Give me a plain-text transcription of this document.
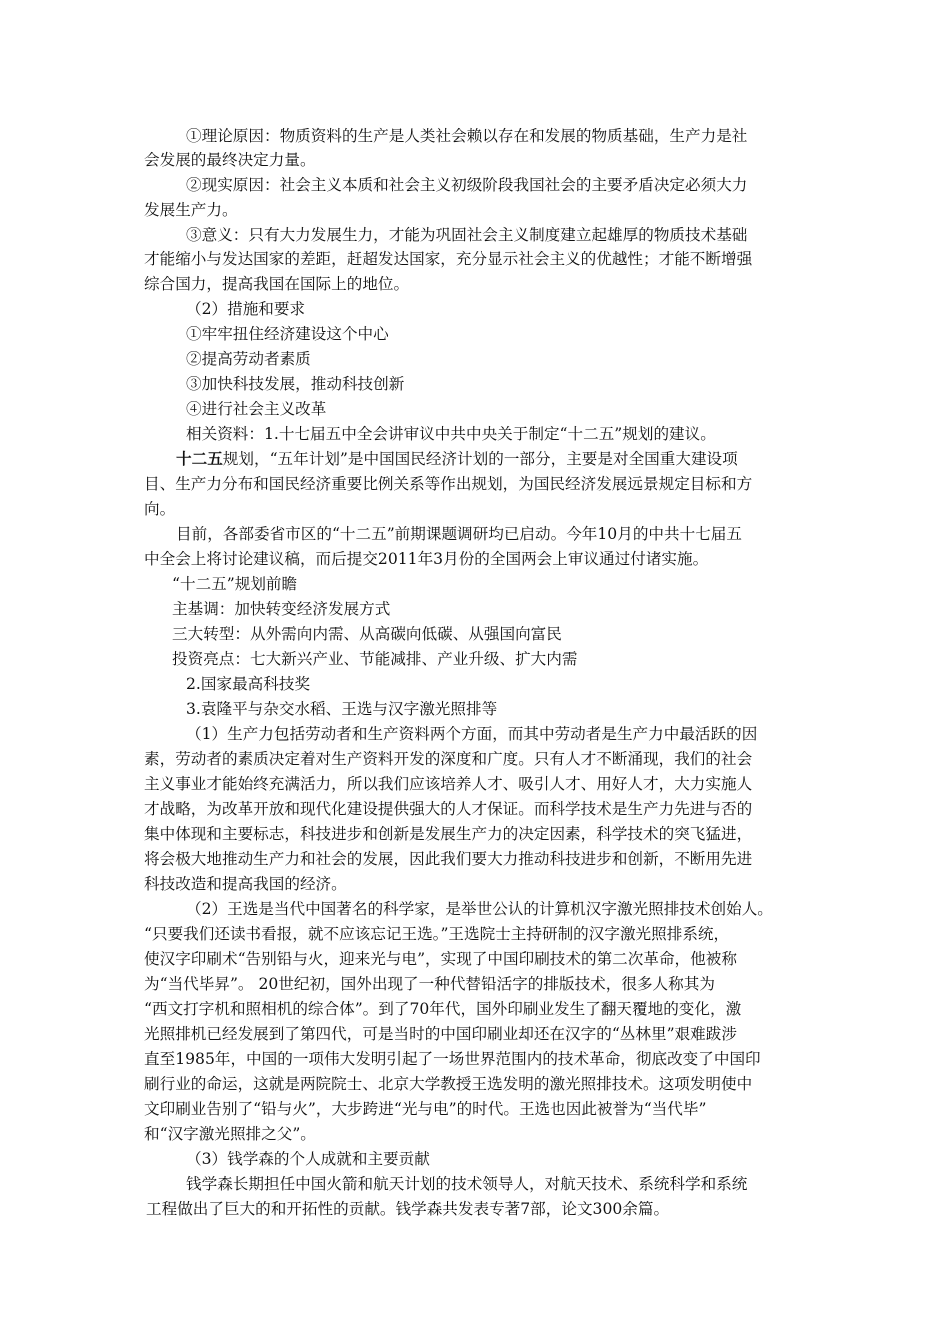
①理论原因：物质资料的生产是人类社会赖以存在和发展的物质基础，生产力是社
会发展的最终决定力量。
②现实原因：社会主义本质和社会主义初级阶段我国社会的主要矛盾决定必须大力
发展生产力。
③意义：只有大力发展生力，才能为巩固社会主义制度建立起雄厚的物质技术基础
才能缩小与发达国家的差距，赶超发达国家，充分显示社会主义的优越性；才能不断增强
综合国力，提高我国在国际上的地位。
（2）措施和要求
①牢牢扭住经济建设这个中心
②提高劳动者素质
③加快科技发展，推动科技创新
④进行社会主义改革
相关资料：1.十七届五中全会讲审议中共中央关于制定“十二五”规划的建议。
十二五规划，“五年计划”是中国国民经济计划的一部分，主要是对全国重大建设项
目、生产力分布和国民经济重要比例关系等作出规划，为国民经济发展远景规定目标和方
向。
目前，各部委省市区的“十二五”前期课题调研均已启动。今年10月的中共十七届五
中全会上将讨论建议稿，而后提交2011年3月份的全国两会上审议通过付诸实施。
“十二五”规划前瞻
主基调：加快转变经济发展方式
三大转型：从外需向内需、从高碳向低碳、从强国向富民
投资亮点：七大新兴产业、节能减排、产业升级、扩大内需
2.国家最高科技奖
3.袁隆平与杂交水稻、王选与汉字激光照排等
（1）生产力包括劳动者和生产资料两个方面，而其中劳动者是生产力中最活跃的因
素，劳动者的素质决定着对生产资料开发的深度和广度。只有人才不断涌现，我们的社会
主义事业才能始终充满活力，所以我们应该培养人才、吸引人才、用好人才，大力实施人
才战略，为改革开放和现代化建设提供强大的人才保证。而科学技术是生产力先进与否的
集中体现和主要标志，科技进步和创新是发展生产力的决定因素，科学技术的突飞猛进，
将会极大地推动生产力和社会的发展，因此我们要大力推动科技进步和创新，不断用先进
科技改造和提高我国的经济。
（2）王选是当代中国著名的科学家，是举世公认的计算机汉字激光照排技术创始人。
“只要我们还读书看报，就不应该忘记王选。”王选院士主持研制的汉字激光照排系统，
使汉字印刷术“告别铅与火，迎来光与电”，实现了中国印刷技术的第二次革命，他被称
为“当代毕昇”。 20世纪初，国外出现了一种代替铅活字的排版技术，很多人称其为
“西文打字机和照相机的综合体”。到了70年代，国外印刷业发生了翻天覆地的变化，激
光照排机已经发展到了第四代，可是当时的中国印刷业却还在汉字的“丛林里”艰难跋涉
直至1985年，中国的一项伟大发明引起了一场世界范围内的技术革命，彻底改变了中国印
刷行业的命运，这就是两院院士、北京大学教授王选发明的激光照排技术。这项发明使中
文印刷业告别了“铅与火”，大步跨进“光与电”的时代。王选也因此被誉为“当代毕”
和“汉字激光照排之父”。
（3）钱学森的个人成就和主要贡献
钱学森长期担任中国火箭和航天计划的技术领导人，对航天技术、系统科学和系统
工程做出了巨大的和开拓性的贡献。钱学森共发表专著7部，论文300余篇。
